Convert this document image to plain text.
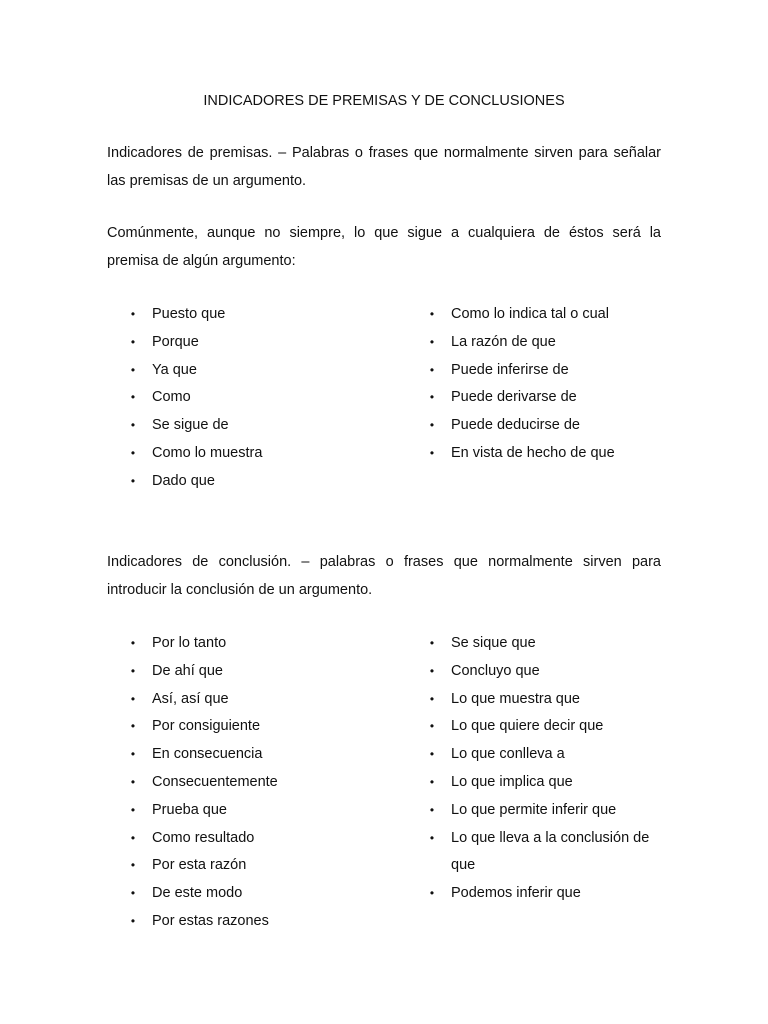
INDICADORES DE PREMISAS Y DE CONCLUSIONES

Indicadores de premisas. – Palabras o frases que normalmente sirven para señalar
las premisas de un argumento.

Comúnmente, aunque no siempre, lo que sigue a cualquiera de éstos será la
premisa de algún argumento:

•
Puesto que
•
Porque
•
Ya que
•
Como
•
Se sigue de
•
Como lo muestra
•
Dado que
•
Como lo indica tal o cual
•
La razón de que
•
Puede inferirse de
•
Puede derivarse de
•
Puede deducirse de
•
En vista de hecho de que

Indicadores de conclusión. – palabras o frases que normalmente sirven para
introducir la conclusión de un argumento.

•
Por lo tanto
•
De ahí que
•
Así, así que
•
Por consiguiente
•
En consecuencia
•
Consecuentemente
•
Prueba que
•
Como resultado
•
Por esta razón
•
De este modo
•
Por estas razones
•
Se sique que
•
Concluyo que
•
Lo que muestra que
•
Lo que quiere decir que
•
Lo que conlleva a
•
Lo que implica que
•
Lo que permite inferir que
•
Lo que lleva a la conclusión de
que
•
Podemos inferir que
